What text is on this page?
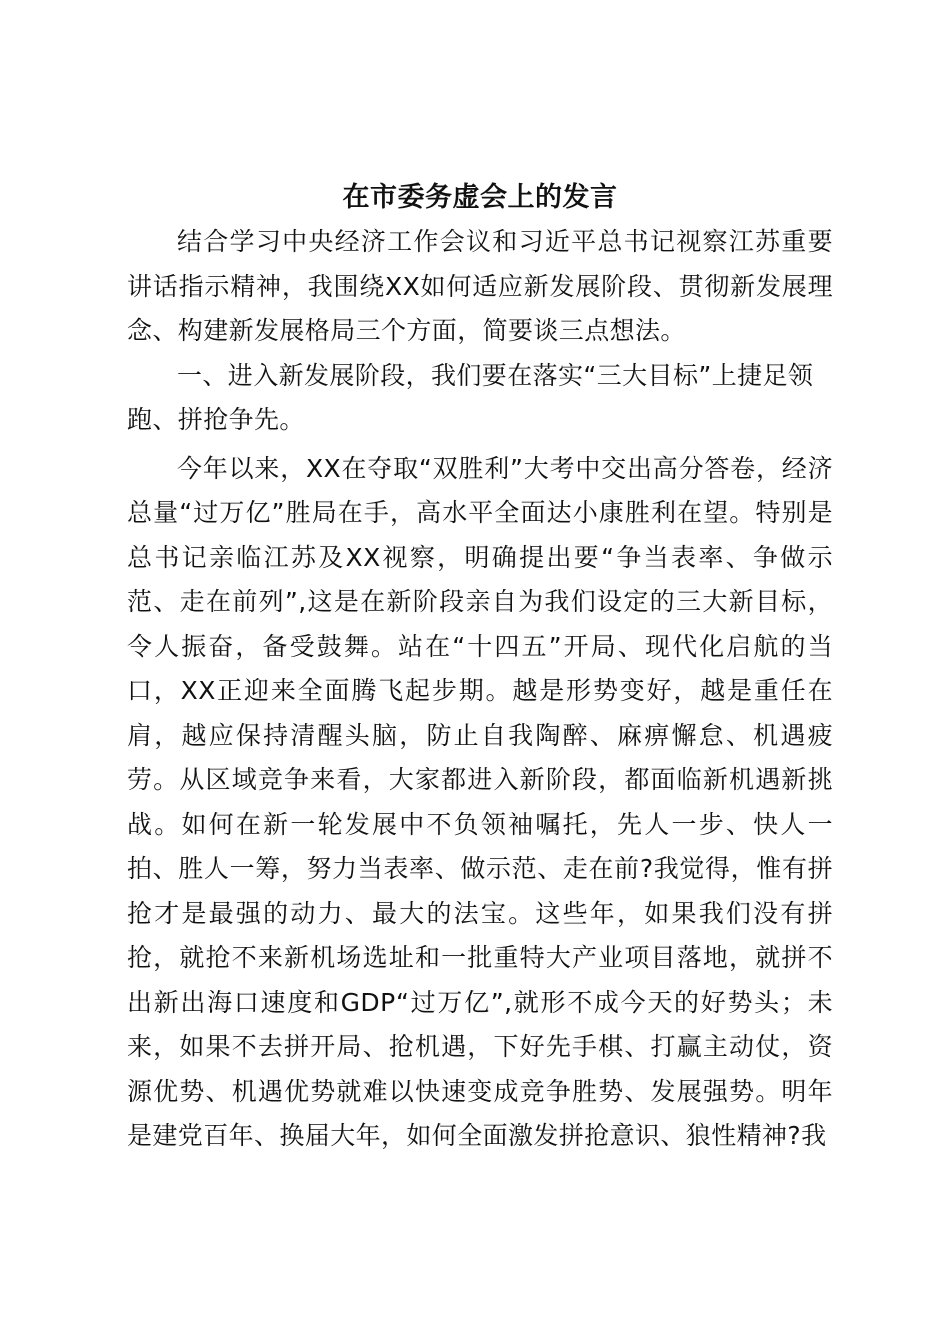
在市委务虚会上的发言

结合学习中央经济工作会议和习近平总书记视察江苏重要讲话指示精神，我围绕XX如何适应新发展阶段、贯彻新发展理念、构建新发展格局三个方面，简要谈三点想法。

一、进入新发展阶段，我们要在落实“三大目标”上捷足领跑、拼抢争先。

今年以来，XX在夺取“双胜利”大考中交出高分答卷，经济总量“过万亿”胜局在手，高水平全面达小康胜利在望。特别是总书记亲临江苏及XX视察，明确提出要“争当表率、争做示范、走在前列”,这是在新阶段亲自为我们设定的三大新目标，令人振奋，备受鼓舞。站在“十四五”开局、现代化启航的当口，XX正迎来全面腾飞起步期。越是形势变好，越是重任在肩，越应保持清醒头脑，防止自我陶醉、麻痹懈怠、机遇疲劳。从区域竞争来看，大家都进入新阶段，都面临新机遇新挑战。如何在新一轮发展中不负领袖嘱托，先人一步、快人一拍、胜人一筹，努力当表率、做示范、走在前?我觉得，惟有拼抢才是最强的动力、最大的法宝。这些年，如果我们没有拼抢，就抢不来新机场选址和一批重特大产业项目落地，就拼不出新出海口速度和GDP“过万亿”,就形不成今天的好势头；未来，如果不去拼开局、抢机遇，下好先手棋、打赢主动仗，资源优势、机遇优势就难以快速变成竞争胜势、发展强势。明年是建党百年、换届大年，如何全面激发拼抢意识、狼性精神?我
